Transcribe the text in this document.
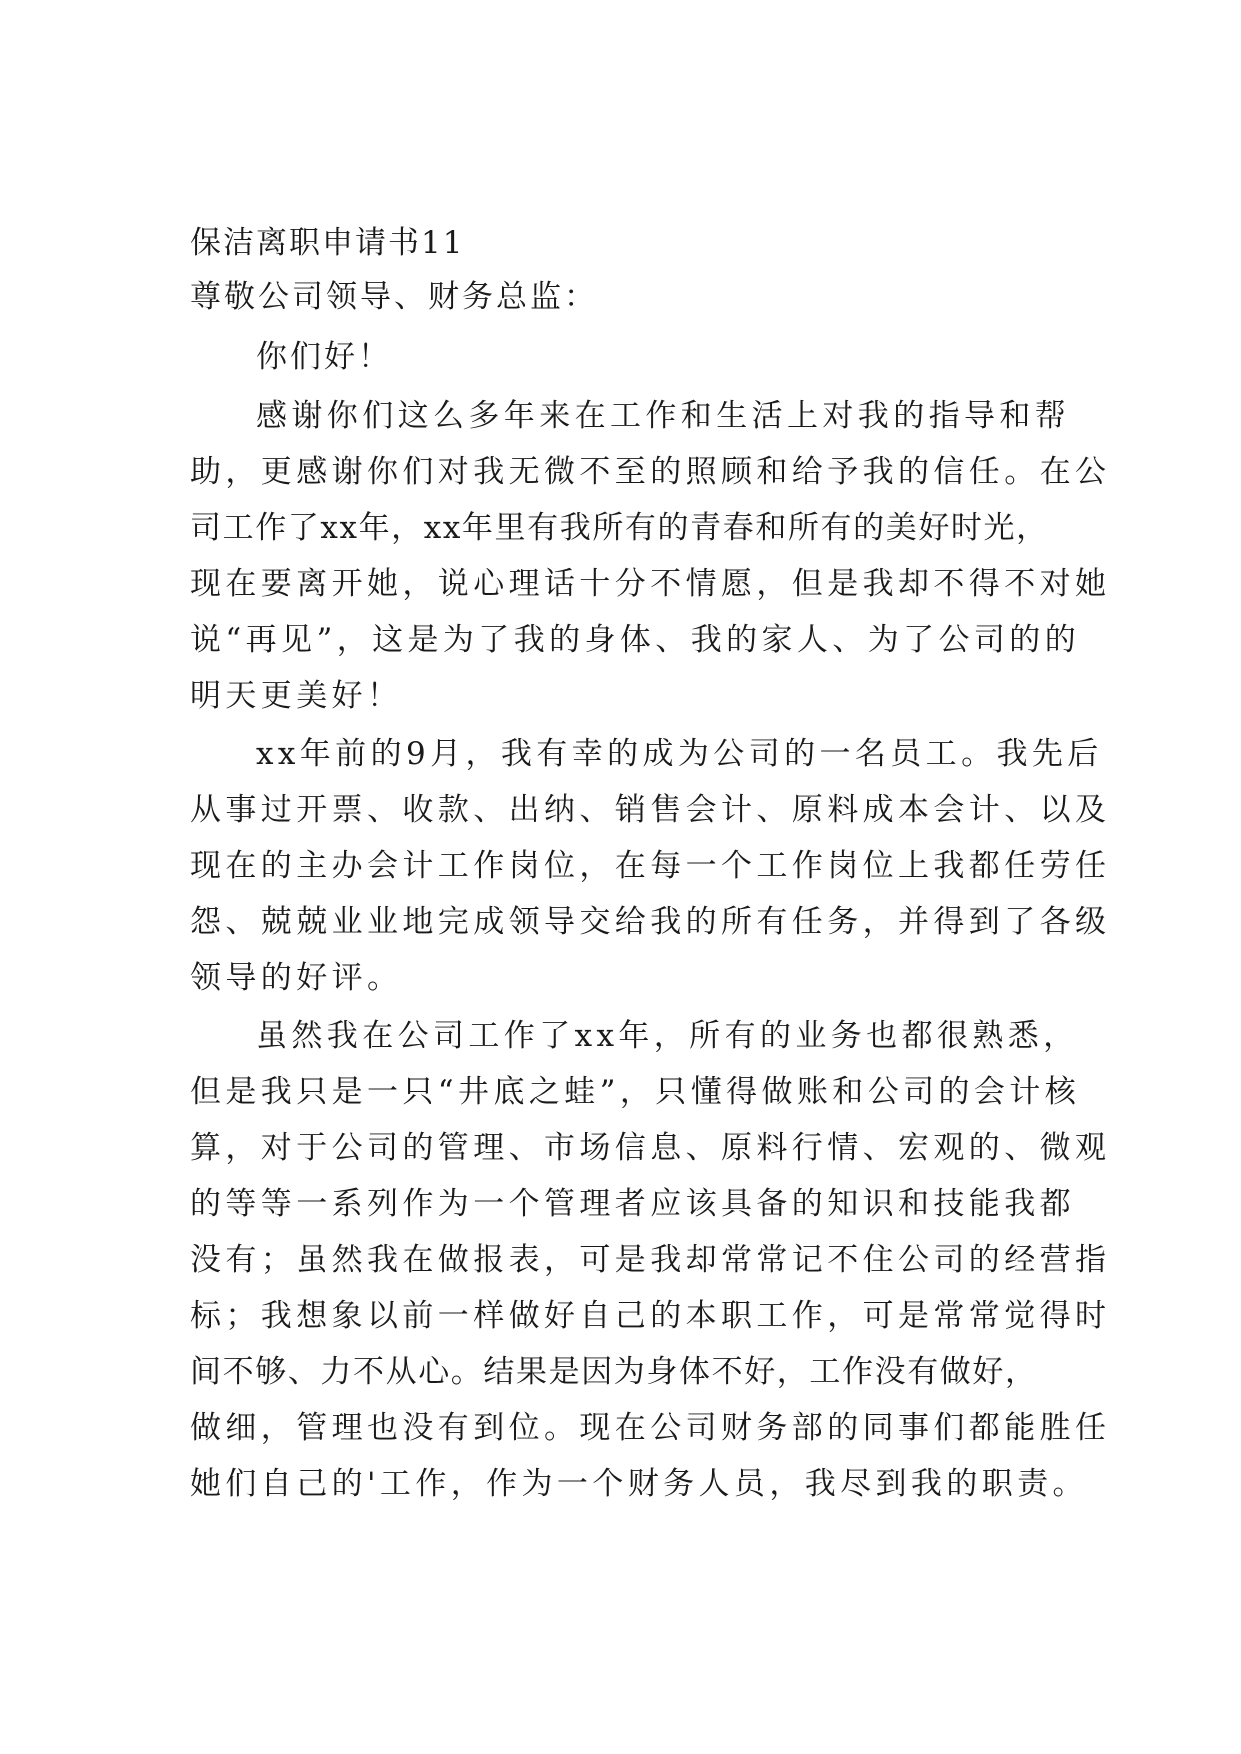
保洁离职申请书11
尊敬公司领导、财务总监：
你们好！
感谢你们这么多年来在工作和生活上对我的指导和帮
助，更感谢你们对我无微不至的照顾和给予我的信任。在公
司工作了xx年，xx年里有我所有的青春和所有的美好时光，
现在要离开她，说心理话十分不情愿，但是我却不得不对她
说“再见”，这是为了我的身体、我的家人、为了公司的的
明天更美好！
xx年前的9月，我有幸的成为公司的一名员工。我先后
从事过开票、收款、出纳、销售会计、原料成本会计、以及
现在的主办会计工作岗位，在每一个工作岗位上我都任劳任
怨、兢兢业业地完成领导交给我的所有任务，并得到了各级
领导的好评。
虽然我在公司工作了xx年，所有的业务也都很熟悉，
但是我只是一只“井底之蛙”，只懂得做账和公司的会计核
算，对于公司的管理、市场信息、原料行情、宏观的、微观
的等等一系列作为一个管理者应该具备的知识和技能我都
没有；虽然我在做报表，可是我却常常记不住公司的经营指
标；我想象以前一样做好自己的本职工作，可是常常觉得时
间不够、力不从心。结果是因为身体不好，工作没有做好，
做细，管理也没有到位。现在公司财务部的同事们都能胜任
她们自己的'工作，作为一个财务人员，我尽到我的职责。
